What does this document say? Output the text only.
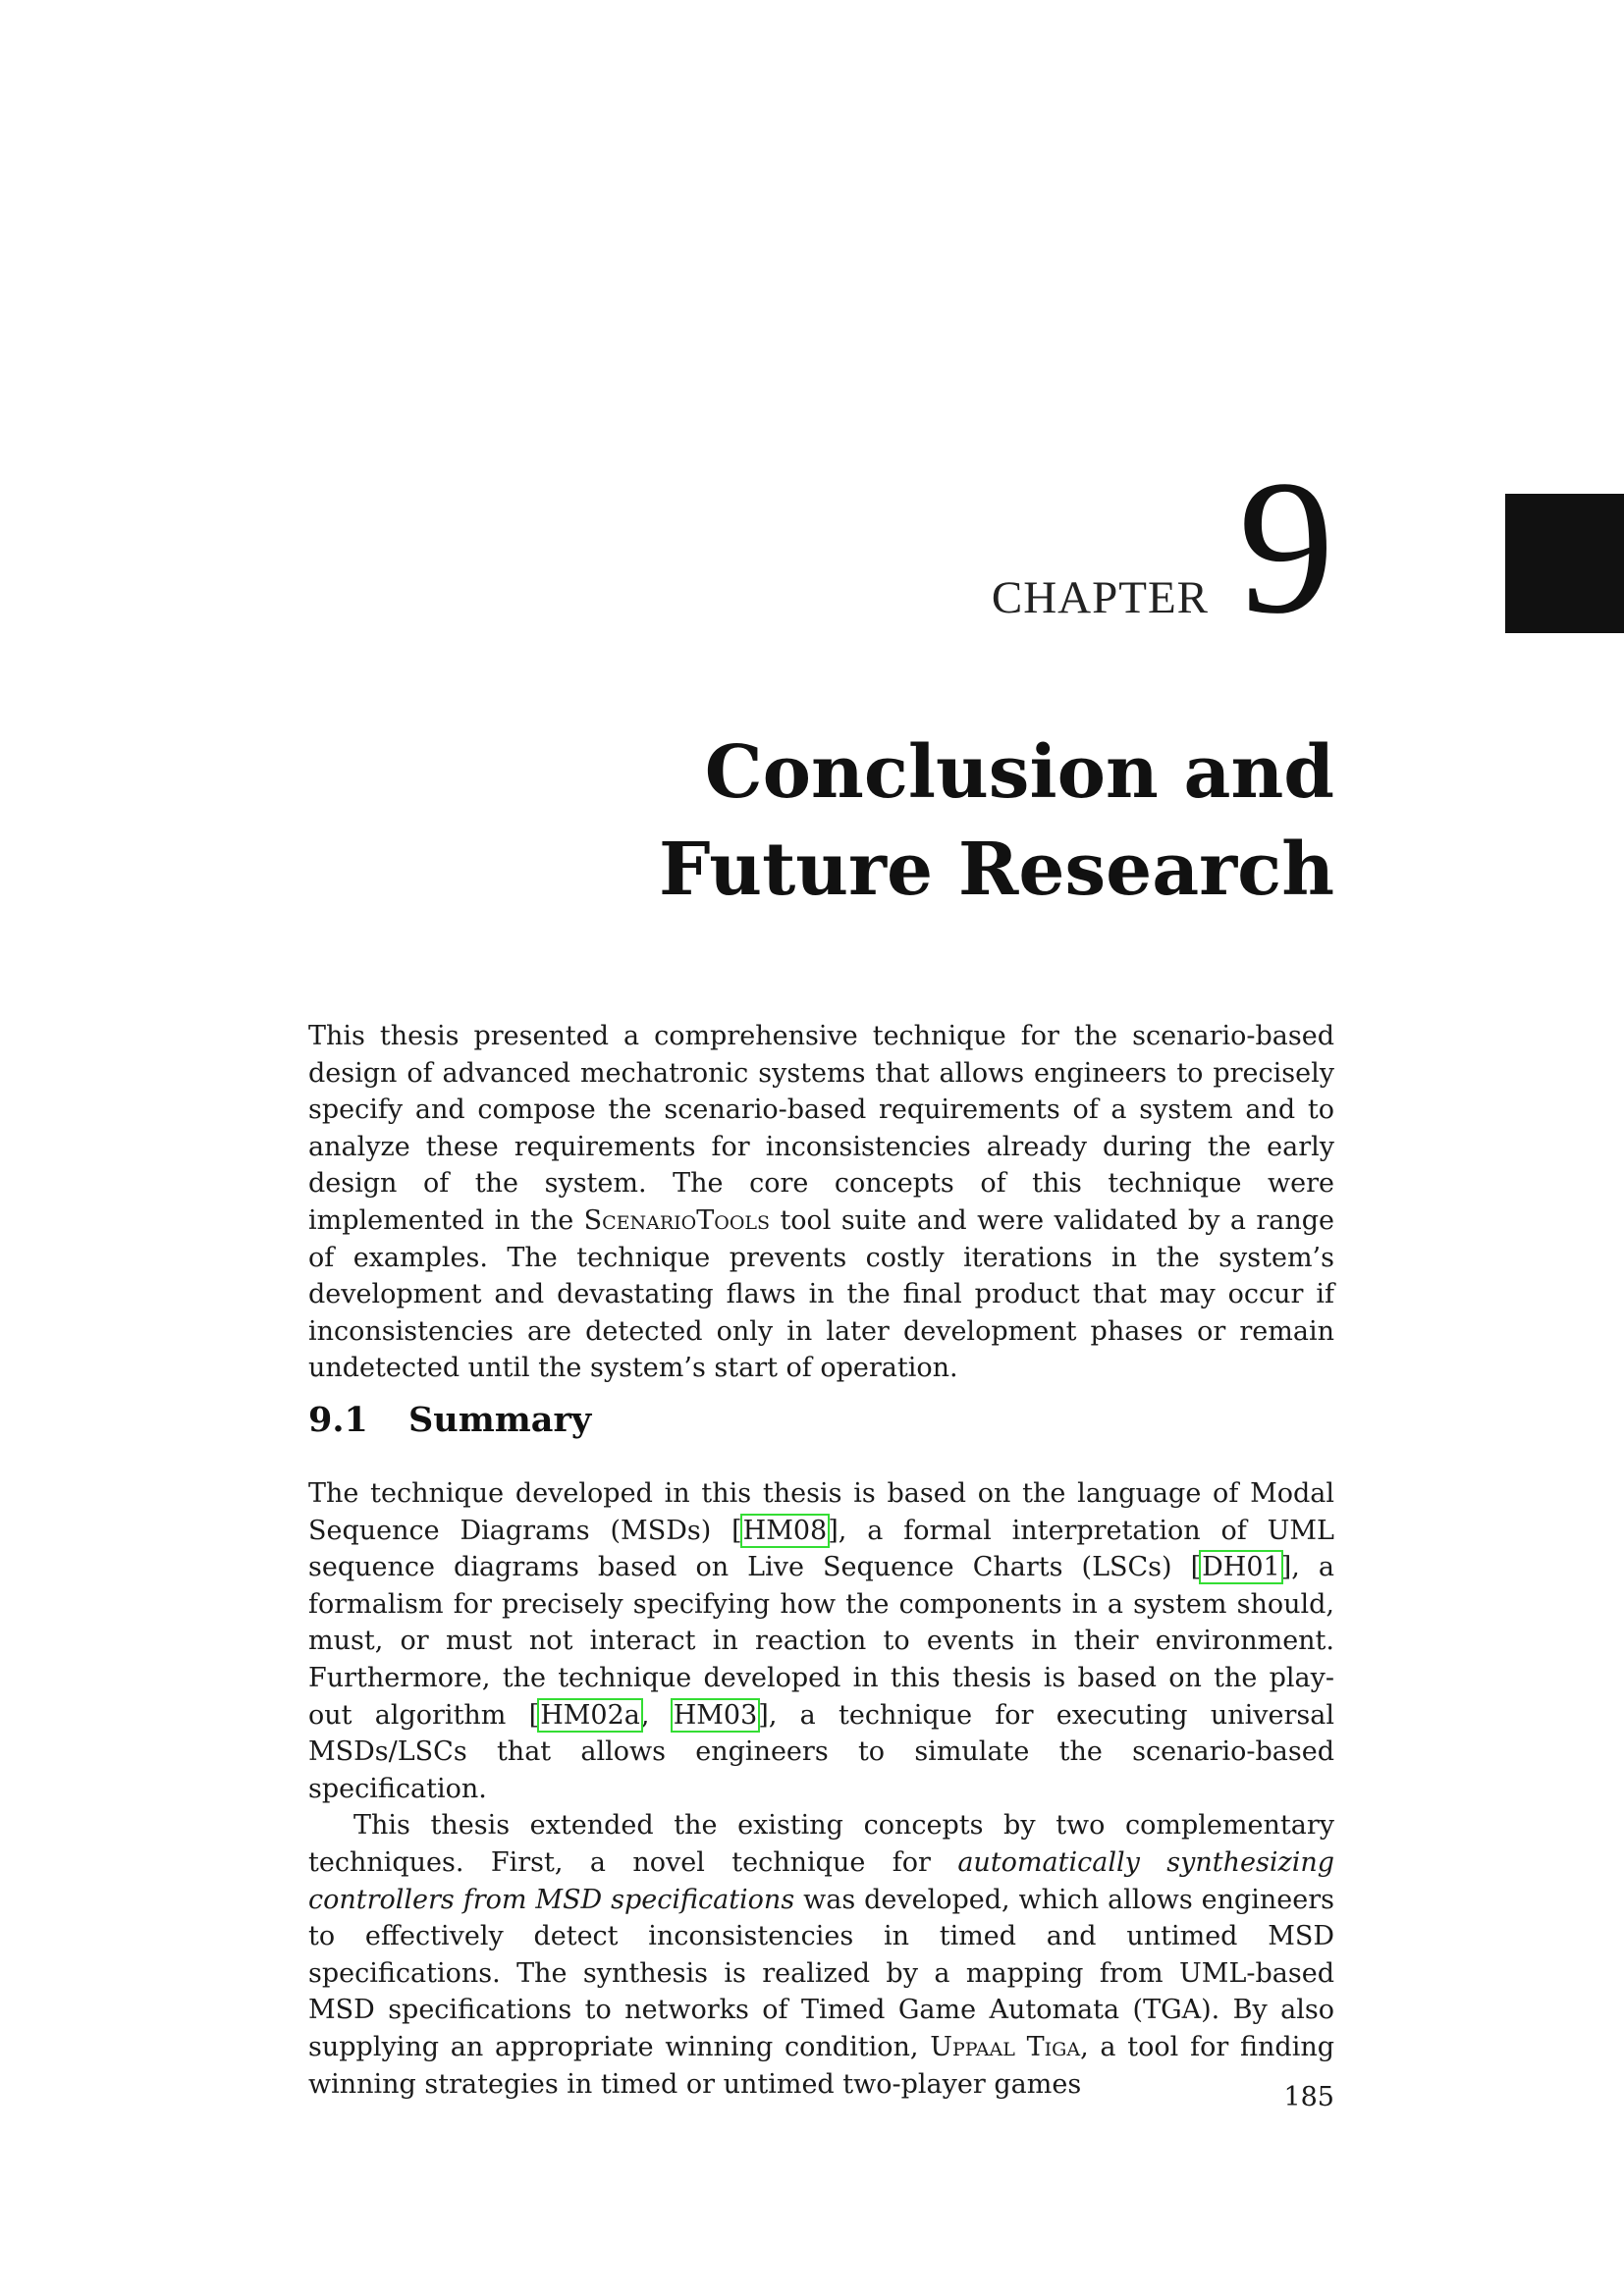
CHAPTER 9
Conclusion and
Future Research

This thesis presented a comprehensive technique for the scenario-based design of advanced mechatronic systems that allows engineers to precisely specify and compose the scenario-based requirements of a system and to analyze these requirements for inconsistencies already during the early design of the system. The core concepts of this technique were implemented in the ScenarioTools tool suite and were validated by a range of examples. The technique prevents costly iterations in the system’s development and devastating flaws in the final product that may occur if inconsistencies are detected only in later development phases or remain undetected until the system’s start of operation.

9.1	Summary

The technique developed in this thesis is based on the language of Modal Sequence Diagrams (MSDs) [HM08], a formal interpretation of UML sequence diagrams based on Live Sequence Charts (LSCs) [DH01], a formalism for precisely specifying how the components in a system should, must, or must not interact in reaction to events in their environment. Furthermore, the technique developed in this thesis is based on the play-out algorithm [HM02a, HM03], a technique for executing universal MSDs/LSCs that allows engineers to simulate the scenario-based specification.

This thesis extended the existing concepts by two complementary techniques. First, a novel technique for automatically synthesizing controllers from MSD specifications was developed, which allows engineers to effectively detect inconsistencies in timed and untimed MSD specifications. The synthesis is realized by a mapping from UML-based MSD specifications to networks of Timed Game Automata (TGA). By also supplying an appropriate winning condition, Uppaal Tiga, a tool for finding winning strategies in timed or untimed two-player games	185
